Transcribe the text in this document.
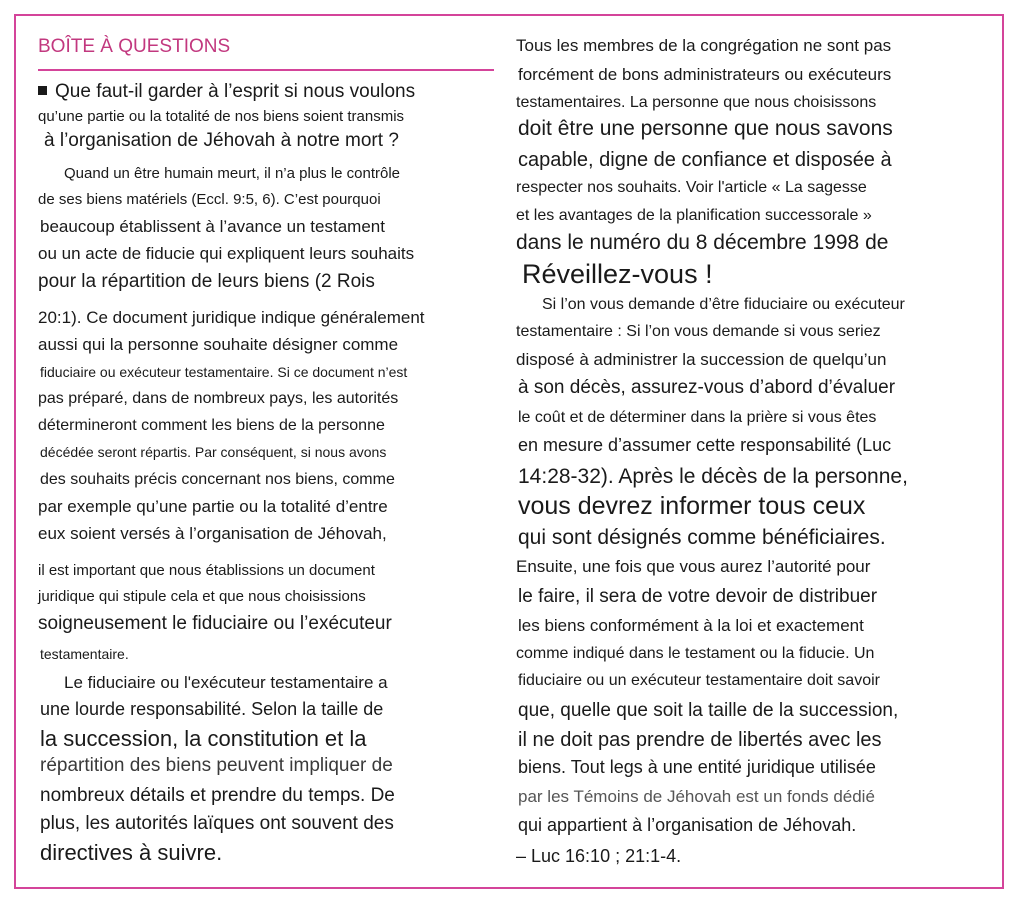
BOÎTE À QUESTIONS
Que faut-il garder à l’esprit si nous voulons
qu’une partie ou la totalité de nos biens soient transmis
à l’organisation de Jéhovah à notre mort ?
Quand un être humain meurt, il n’a plus le contrôle
de ses biens matériels (Eccl. 9:5, 6). C’est pourquoi
beaucoup établissent à l’avance un testament
ou un acte de fiducie qui expliquent leurs souhaits
pour la répartition de leurs biens (2 Rois
20:1). Ce document juridique indique généralement
aussi qui la personne souhaite désigner comme
fiduciaire ou exécuteur testamentaire. Si ce document n’est
pas préparé, dans de nombreux pays, les autorités
détermineront comment les biens de la personne
décédée seront répartis. Par conséquent, si nous avons
des souhaits précis concernant nos biens, comme
par exemple qu’une partie ou la totalité d’entre
eux soient versés à l’organisation de Jéhovah,
il est important que nous établissions un document
juridique qui stipule cela et que nous choisissions
soigneusement le fiduciaire ou l’exécuteur
testamentaire.
Le fiduciaire ou l'exécuteur testamentaire a
une lourde responsabilité. Selon la taille de
la succession, la constitution et la
répartition des biens peuvent impliquer de
nombreux détails et prendre du temps. De
plus, les autorités laïques ont souvent des
directives à suivre.
Tous les membres de la congrégation ne sont pas
forcément de bons administrateurs ou exécuteurs
testamentaires. La personne que nous choisissons
doit être une personne que nous savons
capable, digne de confiance et disposée à
respecter nos souhaits. Voir l'article « La sagesse
et les avantages de la planification successorale »
dans le numéro du 8 décembre 1998 de
Réveillez-vous !
Si l’on vous demande d’être fiduciaire ou exécuteur
testamentaire : Si l’on vous demande si vous seriez
disposé à administrer la succession de quelqu’un
à son décès, assurez-vous d’abord d’évaluer
le coût et de déterminer dans la prière si vous êtes
en mesure d’assumer cette responsabilité (Luc
14:28-32). Après le décès de la personne,
vous devrez informer tous ceux
qui sont désignés comme bénéficiaires.
Ensuite, une fois que vous aurez l’autorité pour
le faire, il sera de votre devoir de distribuer
les biens conformément à la loi et exactement
comme indiqué dans le testament ou la fiducie. Un
fiduciaire ou un exécuteur testamentaire doit savoir
que, quelle que soit la taille de la succession,
il ne doit pas prendre de libertés avec les
biens. Tout legs à une entité juridique utilisée
par les Témoins de Jéhovah est un fonds dédié
qui appartient à l’organisation de Jéhovah.
– Luc 16:10 ; 21:1-4.
